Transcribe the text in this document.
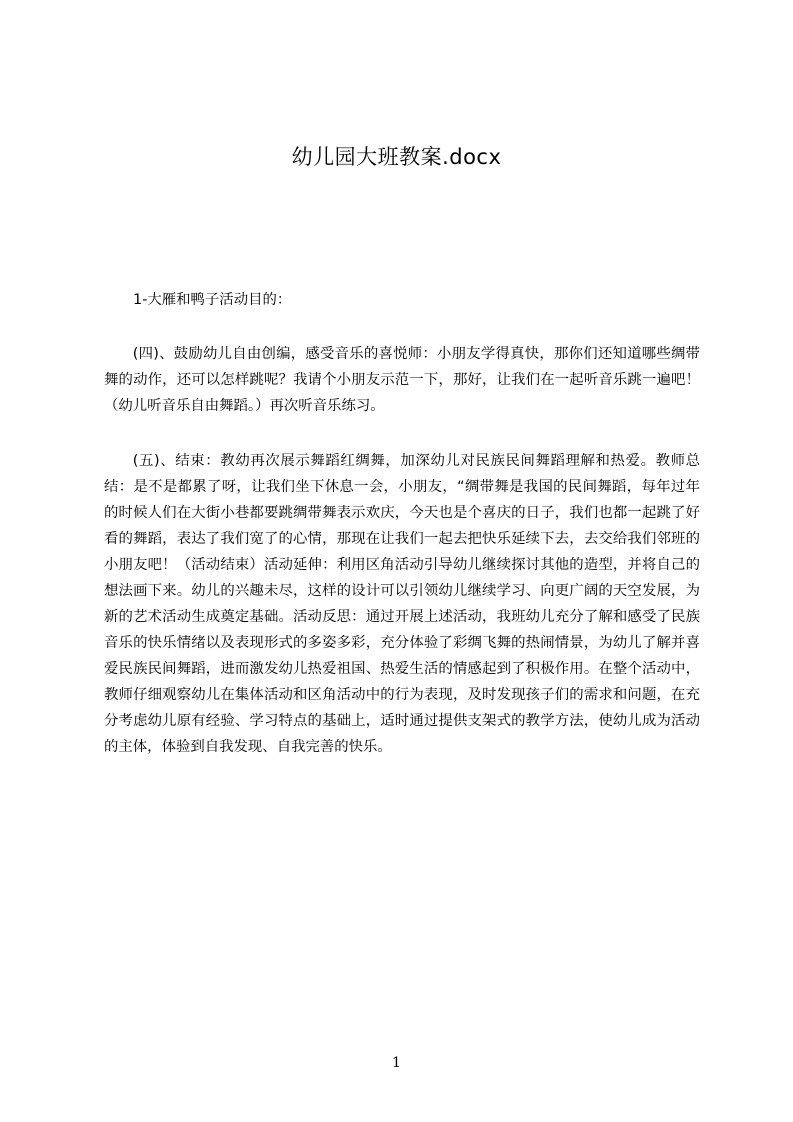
幼儿园大班教案.docx

1-大雁和鸭子活动目的：

(四)、鼓励幼儿自由创编，感受音乐的喜悦师：小朋友学得真快，那你们还知道哪些绸带舞的动作，还可以怎样跳呢？我请个小朋友示范一下，那好，让我们在一起听音乐跳一遍吧！（幼儿听音乐自由舞蹈。）再次听音乐练习。

(五)、结束：教幼再次展示舞蹈红绸舞，加深幼儿对民族民间舞蹈理解和热爱。教师总结：是不是都累了呀，让我们坐下休息一会，小朋友，“绸带舞是我国的民间舞蹈，每年过年的时候人们在大街小巷都要跳绸带舞表示欢庆，今天也是个喜庆的日子，我们也都一起跳了好看的舞蹈，表达了我们宽了的心情，那现在让我们一起去把快乐延续下去，去交给我们邻班的小朋友吧！（活动结束）活动延伸：利用区角活动引导幼儿继续探讨其他的造型，并将自己的想法画下来。幼儿的兴趣未尽，这样的设计可以引领幼儿继续学习、向更广阔的天空发展，为新的艺术活动生成奠定基础。活动反思：通过开展上述活动，我班幼儿充分了解和感受了民族音乐的快乐情绪以及表现形式的多姿多彩，充分体验了彩绸飞舞的热闹情景，为幼儿了解并喜爱民族民间舞蹈，进而激发幼儿热爱祖国、热爱生活的情感起到了积极作用。在整个活动中，教师仔细观察幼儿在集体活动和区角活动中的行为表现，及时发现孩子们的需求和问题，在充分考虑幼儿原有经验、学习特点的基础上，适时通过提供支架式的教学方法，使幼儿成为活动的主体，体验到自我发现、自我完善的快乐。

1
